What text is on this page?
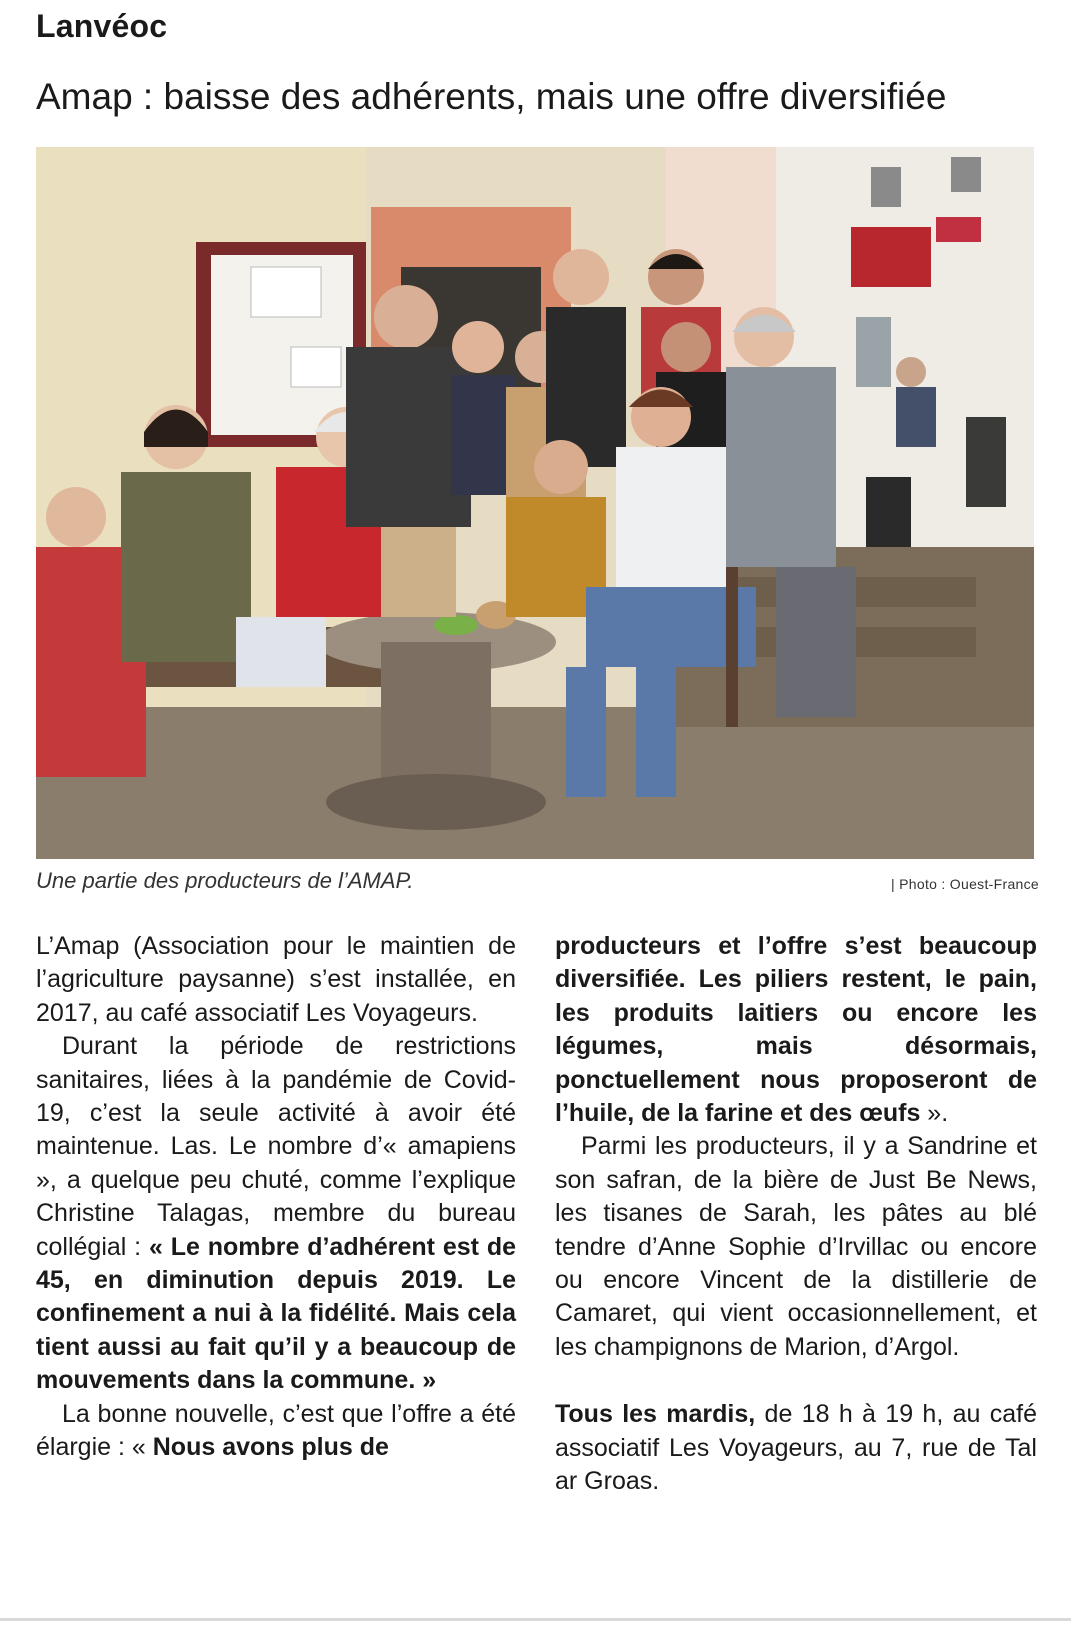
Lanvéoc
Amap : baisse des adhérents, mais une offre diversifiée
Une partie des producteurs de l’AMAP.	| Photo : Ouest-France

L’Amap (Association pour le maintien de l’agriculture paysanne) s’est installée, en 2017, au café associatif Les Voyageurs.

Durant la période de restrictions sanitaires, liées à la pandémie de Covid-19, c’est la seule activité à avoir été maintenue. Las. Le nombre d’« amapiens », a quelque peu chuté, comme l’explique Christine Talagas, membre du bureau collégial : « Le nombre d’adhérent est de 45, en diminution depuis 2019. Le confinement a nui à la fidélité. Mais cela tient aussi au fait qu’il y a beaucoup de mouvements dans la commune. »

La bonne nouvelle, c’est que l’offre a été élargie : « Nous avons plus de

producteurs et l’offre s’est beaucoup diversifiée. Les piliers restent, le pain, les produits laitiers ou encore les légumes, mais désormais, ponctuellement nous proposeront de l’huile, de la farine et des œufs ».

Parmi les producteurs, il y a Sandrine et son safran, de la bière de Just Be News, les tisanes de Sarah, les pâtes au blé tendre d’Anne Sophie d’Irvillac ou encore ou encore Vincent de la distillerie de Camaret, qui vient occasionnellement, et les champignons de Marion, d’Argol.

Tous les mardis, de 18 h à 19 h, au café associatif Les Voyageurs, au 7, rue de Tal ar Groas.
